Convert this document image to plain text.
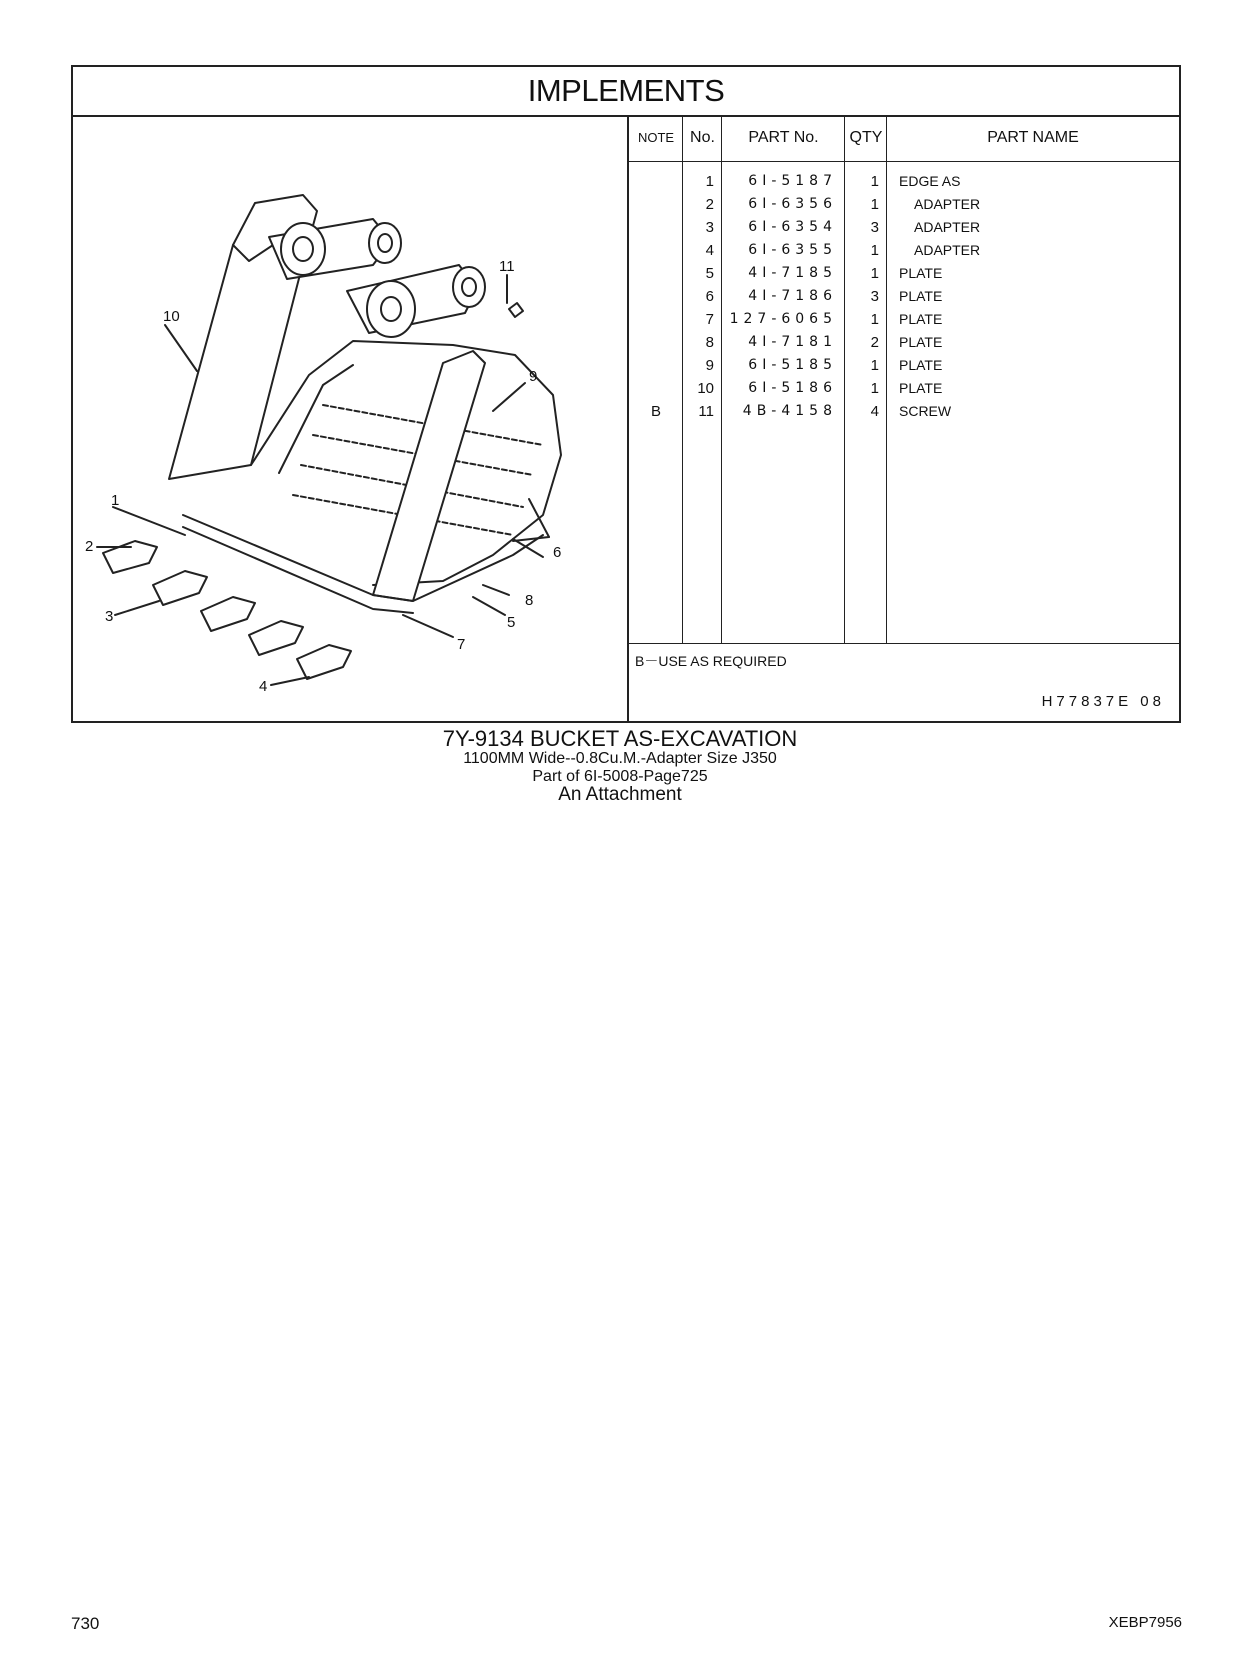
IMPLEMENTS
1
2
3
4
5
6
7
8
9
10
11
NOTE No.	PART No.	QTY	PART NAME
1	6I-5187	1 EDGE AS
2	6I-6356	1	ADAPTER
3	6I-6354	3	ADAPTER
4	6I-6355	1	ADAPTER
5	4I-7185	1 PLATE
6	4I-7186	3 PLATE
7	127-6065	1 PLATE
8	4I-7181	2 PLATE
9	6I-5185	1 PLATE
10	6I-5186	1 PLATE
B	11	4B-4158	4 SCREW
B－USE AS REQUIRED
H77837E 08
7Y-9134 BUCKET AS-EXCAVATION
1100MM Wide--0.8Cu.M.-Adapter Size J350
Part of 6I-5008-Page725
An Attachment
730	XEBP7956
